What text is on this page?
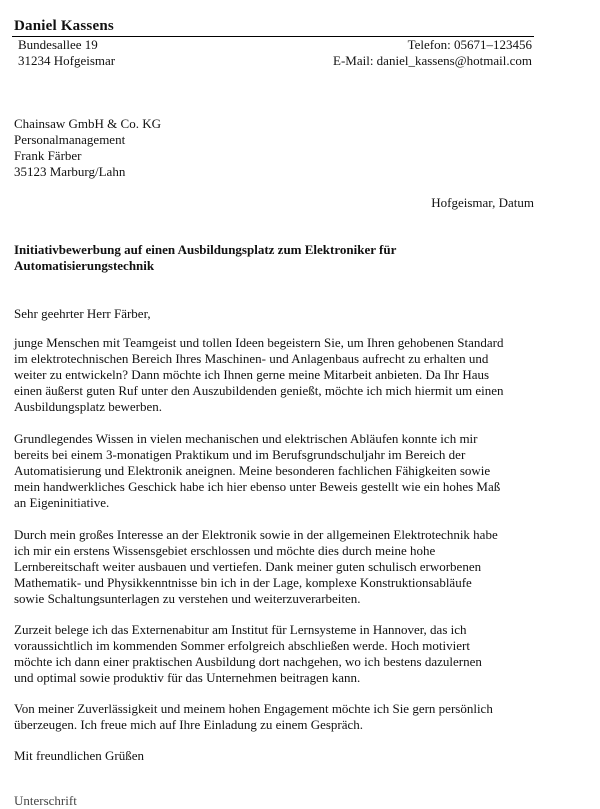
Daniel Kassens
Bundesallee 19
31234 Hofgeismar
Telefon: 05671–123456
E-Mail: daniel_kassens@hotmail.com
Chainsaw GmbH & Co. KG
Personalmanagement
Frank Färber
35123 Marburg/Lahn
Hofgeismar, Datum
Initiativbewerbung auf einen Ausbildungsplatz zum Elektroniker für
Automatisierungstechnik
Sehr geehrter Herr Färber,
junge Menschen mit Teamgeist und tollen Ideen begeistern Sie, um Ihren gehobenen Standard
im elektrotechnischen Bereich Ihres Maschinen- und Anlagenbaus aufrecht zu erhalten und
weiter zu entwickeln? Dann möchte ich Ihnen gerne meine Mitarbeit anbieten. Da Ihr Haus
einen äußerst guten Ruf unter den Auszubildenden genießt, möchte ich mich hiermit um einen
Ausbildungsplatz bewerben.
Grundlegendes Wissen in vielen mechanischen und elektrischen Abläufen konnte ich mir
bereits bei einem 3-monatigen Praktikum und im Berufsgrundschuljahr im Bereich der
Automatisierung und Elektronik aneignen. Meine besonderen fachlichen Fähigkeiten sowie
mein handwerkliches Geschick habe ich hier ebenso unter Beweis gestellt wie ein hohes Maß
an Eigeninitiative.
Durch mein großes Interesse an der Elektronik sowie in der allgemeinen Elektrotechnik habe
ich mir ein erstens Wissensgebiet erschlossen und möchte dies durch meine hohe
Lernbereitschaft weiter ausbauen und vertiefen. Dank meiner guten schulisch erworbenen
Mathematik- und Physikkenntnisse bin ich in der Lage, komplexe Konstruktionsabläufe
sowie Schaltungsunterlagen zu verstehen und weiterzuverarbeiten.
Zurzeit belege ich das Externenabitur am Institut für Lernsysteme in Hannover, das ich
voraussichtlich im kommenden Sommer erfolgreich abschließen werde. Hoch motiviert
möchte ich dann einer praktischen Ausbildung dort nachgehen, wo ich bestens dazulernen
und optimal sowie produktiv für das Unternehmen beitragen kann.
Von meiner Zuverlässigkeit und meinem hohen Engagement möchte ich Sie gern persönlich
überzeugen. Ich freue mich auf Ihre Einladung zu einem Gespräch.
Mit freundlichen Grüßen
Unterschrift
